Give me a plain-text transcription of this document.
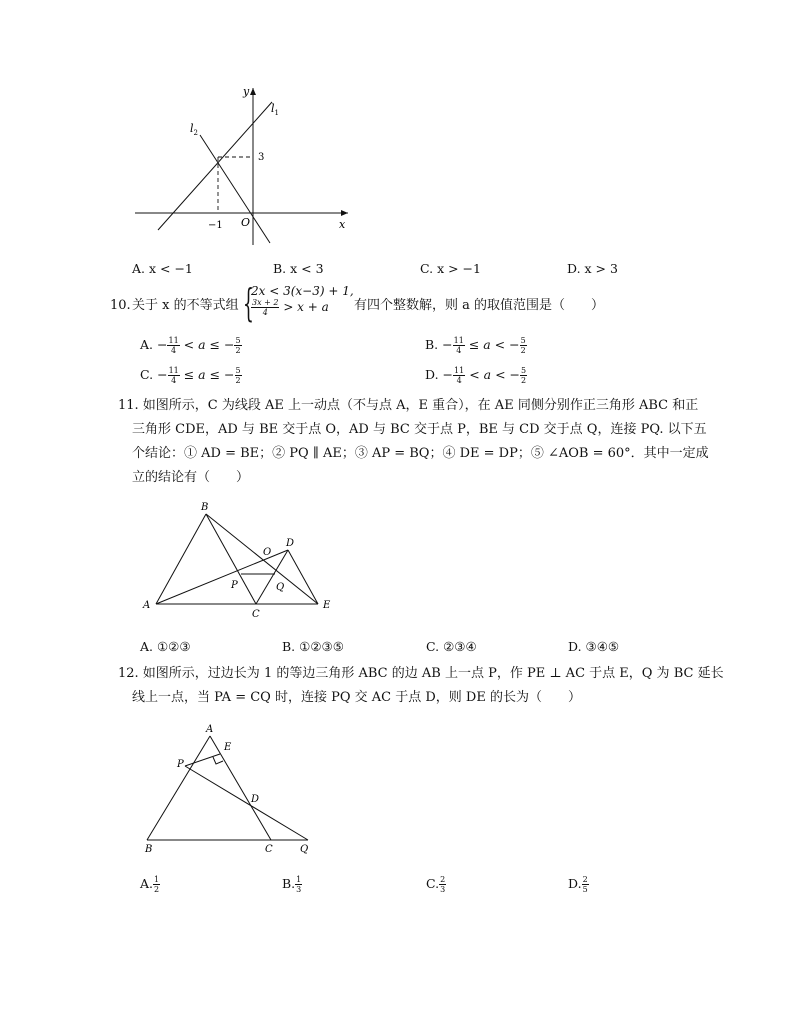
x
y
O
−1
3
$l_1$
$l_2$
A. x < −1	B. x < 3	C. x > −1	D. x > 3
10. 关于 x 的不等式组 {
2x < 3(x−3) + 1,
$\frac{3x + 2}{4} > x + a$ 有四个整数解，则 a 的取值范围是（　　）
A. − $\frac{11}{4} < a$ ≤ − $\frac{5}{2}$	B. − $\frac{11}{4} \le a$ < − $\frac{5}{2}$
C. − $\frac{11}{4} \le a$ ≤ − $\frac{5}{2}$	D. − $\frac{11}{4} < a$ < − $\frac{5}{2}$
11. 如图所示，C 为线段 AE 上一动点（不与点 A，E 重合），在 AE 同侧分别作正三角形 ABC 和正
三角形 CDE，AD 与 BE 交于点 O，AD 与 BC 交于点 P，BE 与 CD 交于点 Q，连接 PQ. 以下五
个结论：① AD = BE；② PQ ∥ AE；③ AP = BQ；④ DE = DP；⑤ ∠AOB = 60°．其中一定成
立的结论有（　　）
B
A
C
E
D
O
P	Q
A. ①②③	B. ①②③⑤	C. ②③④	D. ③④⑤
12. 如图所示，过边长为 1 的等边三角形 ABC 的边 AB 上一点 P，作 PE ⊥ AC 于点 E，Q 为 BC 延长
线上一点，当 PA = CQ 时，连接 PQ 交 AC 于点 D，则 DE 的长为（　　）
A
E
P
D
B	C	Q
A. $\frac{1}{2}$	B. $\frac{1}{3}$	C. $\frac{2}{3}$	D. $\frac{2}{5}$
